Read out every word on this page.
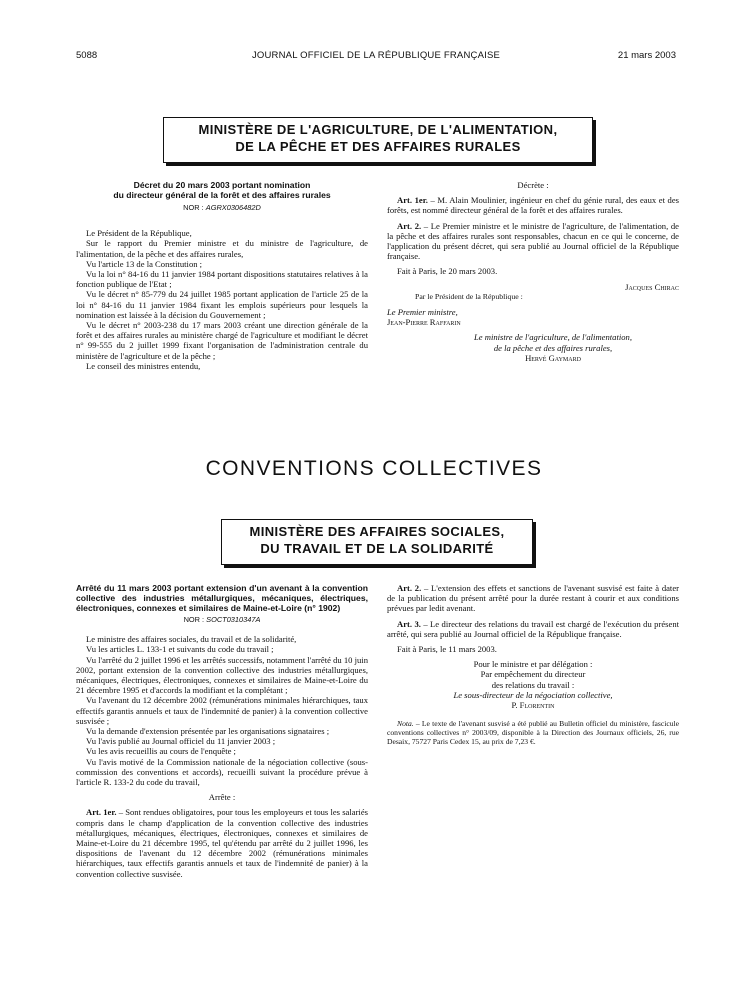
5088	JOURNAL OFFICIEL DE LA RÉPUBLIQUE FRANÇAISE	21 mars 2003
MINISTÈRE DE L'AGRICULTURE, DE L'ALIMENTATION,
DE LA PÊCHE ET DES AFFAIRES RURALES
Décret du 20 mars 2003 portant nomination
du directeur général de la forêt et des affaires rurales
NOR : AGRX0306482D

Le Président de la République,

Sur le rapport du Premier ministre et du ministre de l'agriculture, de l'alimentation, de la pêche et des affaires rurales,

Vu l'article 13 de la Constitution ;

Vu la loi n° 84-16 du 11 janvier 1984 portant dispositions statutaires relatives à la fonction publique de l'Etat ;

Vu le décret n° 85-779 du 24 juillet 1985 portant application de l'article 25 de la loi n° 84-16 du 11 janvier 1984 fixant les emplois supérieurs pour lesquels la nomination est laissée à la décision du Gouvernement ;

Vu le décret n° 2003-238 du 17 mars 2003 créant une direction générale de la forêt et des affaires rurales au ministère chargé de l'agriculture et modifiant le décret n° 99-555 du 2 juillet 1999 fixant l'organisation de l'administration centrale du ministère de l'agriculture et de la pêche ;

Le conseil des ministres entendu,

Décrète :

Art. 1er. – M. Alain Moulinier, ingénieur en chef du génie rural, des eaux et des forêts, est nommé directeur général de la forêt et des affaires rurales.

Art. 2. – Le Premier ministre et le ministre de l'agriculture, de l'alimentation, de la pêche et des affaires rurales sont responsables, chacun en ce qui le concerne, de l'application du présent décret, qui sera publié au Journal officiel de la République française.

Fait à Paris, le 20 mars 2003.

Jacques Chirac

Par le Président de la République :

Le Premier ministre,

Jean-Pierre Raffarin

Le ministre de l'agriculture, de l'alimentation,

de la pêche et des affaires rurales,

Hervé Gaymard

CONVENTIONS COLLECTIVES
MINISTÈRE DES AFFAIRES SOCIALES,
DU TRAVAIL ET DE LA SOLIDARITÉ
Arrêté du 11 mars 2003 portant extension d'un avenant à la convention collective des industries métallurgiques, mécaniques, électriques, électroniques, connexes et similaires de Maine-et-Loire (n° 1902)
NOR : SOCT0310347A

Le ministre des affaires sociales, du travail et de la solidarité,

Vu les articles L. 133-1 et suivants du code du travail ;

Vu l'arrêté du 2 juillet 1996 et les arrêtés successifs, notamment l'arrêté du 10 juin 2002, portant extension de la convention collective des industries métallurgiques, mécaniques, électriques, électroniques, connexes et similaires de Maine-et-Loire du 21 décembre 1995 et d'accords la modifiant et la complétant ;

Vu l'avenant du 12 décembre 2002 (rémunérations minimales hiérarchiques, taux effectifs garantis annuels et taux de l'indemnité de panier) à la convention collective susvisée ;

Vu la demande d'extension présentée par les organisations signataires ;

Vu l'avis publié au Journal officiel du 11 janvier 2003 ;

Vu les avis recueillis au cours de l'enquête ;

Vu l'avis motivé de la Commission nationale de la négociation collective (sous-commission des conventions et accords), recueilli suivant la procédure prévue à l'article R. 133-2 du code du travail,

Arrête :

Art. 1er. – Sont rendues obligatoires, pour tous les employeurs et tous les salariés compris dans le champ d'application de la convention collective des industries métallurgiques, mécaniques, électriques, électroniques, connexes et similaires de Maine-et-Loire du 21 décembre 1995, tel qu'étendu par arrêté du 2 juillet 1996, les dispositions de l'avenant du 12 décembre 2002 (rémunérations minimales hiérarchiques, taux effectifs garantis annuels et taux de l'indemnité de panier) à la convention collective susvisée.

Art. 2. – L'extension des effets et sanctions de l'avenant susvisé est faite à dater de la publication du présent arrêté pour la durée restant à courir et aux conditions prévues par ledit avenant.

Art. 3. – Le directeur des relations du travail est chargé de l'exécution du présent arrêté, qui sera publié au Journal officiel de la République française.

Fait à Paris, le 11 mars 2003.

Pour le ministre et par délégation :

Par empêchement du directeur

des relations du travail :

Le sous-directeur de la négociation collective,

P. Florentin

Nota. – Le texte de l'avenant susvisé a été publié au Bulletin officiel du ministère, fascicule conventions collectives n° 2003/09, disponible à la Direction des Journaux officiels, 26, rue Desaix, 75727 Paris Cedex 15, au prix de 7,23 €.
